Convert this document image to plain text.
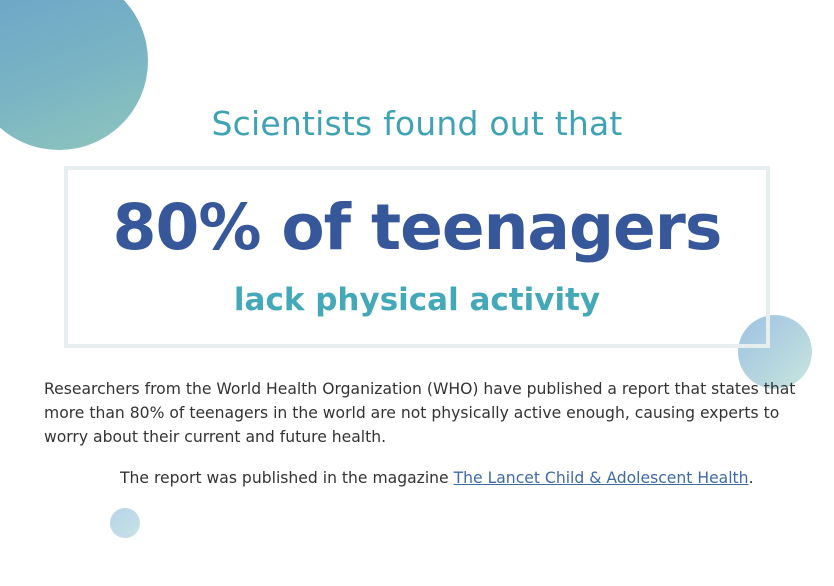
Scientists found out that
80% of teenagers
lack physical activity

Researchers from the World Health Organization (WHO) have published a report that states that more than 80% of teenagers in the world are not physically active enough, causing experts to worry about their current and future health.

The report was published in the magazine The Lancet Child & Adolescent Health.
